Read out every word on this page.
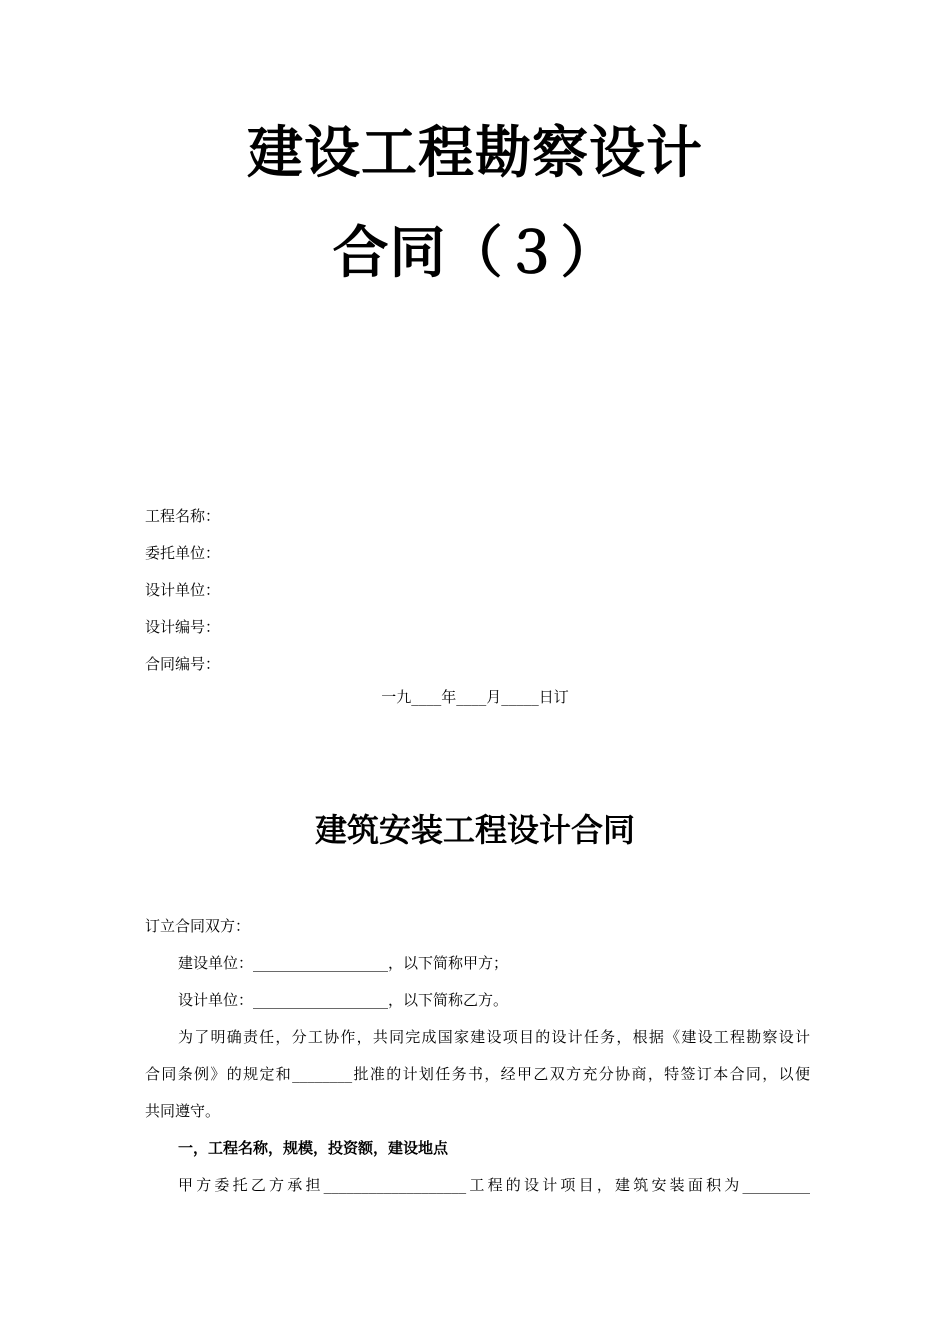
建设工程勘察设计
合同（３）
工程名称：
委托单位：
设计单位：
设计编号：
合同编号：
一九____年____月_____日订
建筑安装工程设计合同
订立合同双方：
建设单位：__________________，以下简称甲方；
设计单位：__________________，以下简称乙方。
为了明确责任，分工协作，共同完成国家建设项目的设计任务，根据《建设工程勘察设计
合同条例》的规定和________批准的计划任务书，经甲乙双方充分协商，特签订本合同，以便
共同遵守。
一，工程名称，规模，投资额，建设地点
甲方委托乙方承担___________________工程的设计项目，建筑安装面积为_________
